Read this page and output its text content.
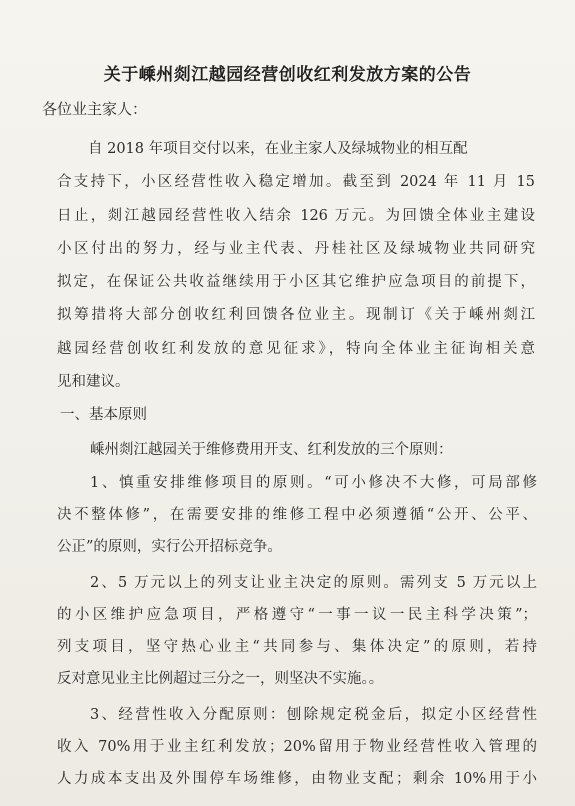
关于嵊州剡江越园经营创收红利发放方案的公告
各位业主家人：
自 2018 年项目交付以来，在业主家人及绿城物业的相互配
合支持下，小区经营性收入稳定增加。截至到 2024 年 11 月 15
日止，剡江越园经营性收入结余 126 万元。为回馈全体业主建设
小区付出的努力，经与业主代表、丹桂社区及绿城物业共同研究
拟定，在保证公共收益继续用于小区其它维护应急项目的前提下，
拟筹措将大部分创收红利回馈各位业主。现制订《关于嵊州剡江
越园经营创收红利发放的意见征求》，特向全体业主征询相关意
见和建议。
一、基本原则
嵊州剡江越园关于维修费用开支、红利发放的三个原则：
1、慎重安排维修项目的原则。“可小修决不大修，可局部修
决不整体修”，在需要安排的维修工程中必须遵循“公开、公平、
公正”的原则，实行公开招标竞争。
2、5 万元以上的列支让业主决定的原则。需列支 5 万元以上
的小区维护应急项目，严格遵守“一事一议一民主科学决策”；
列支项目，坚守热心业主“共同参与、集体决定”的原则，若持
反对意见业主比例超过三分之一，则坚决不实施。。
3、经营性收入分配原则：刨除规定税金后，拟定小区经营性
收入 70%用于业主红利发放；20%留用于物业经营性收入管理的
人力成本支出及外围停车场维修，由物业支配；剩余 10%用于小
